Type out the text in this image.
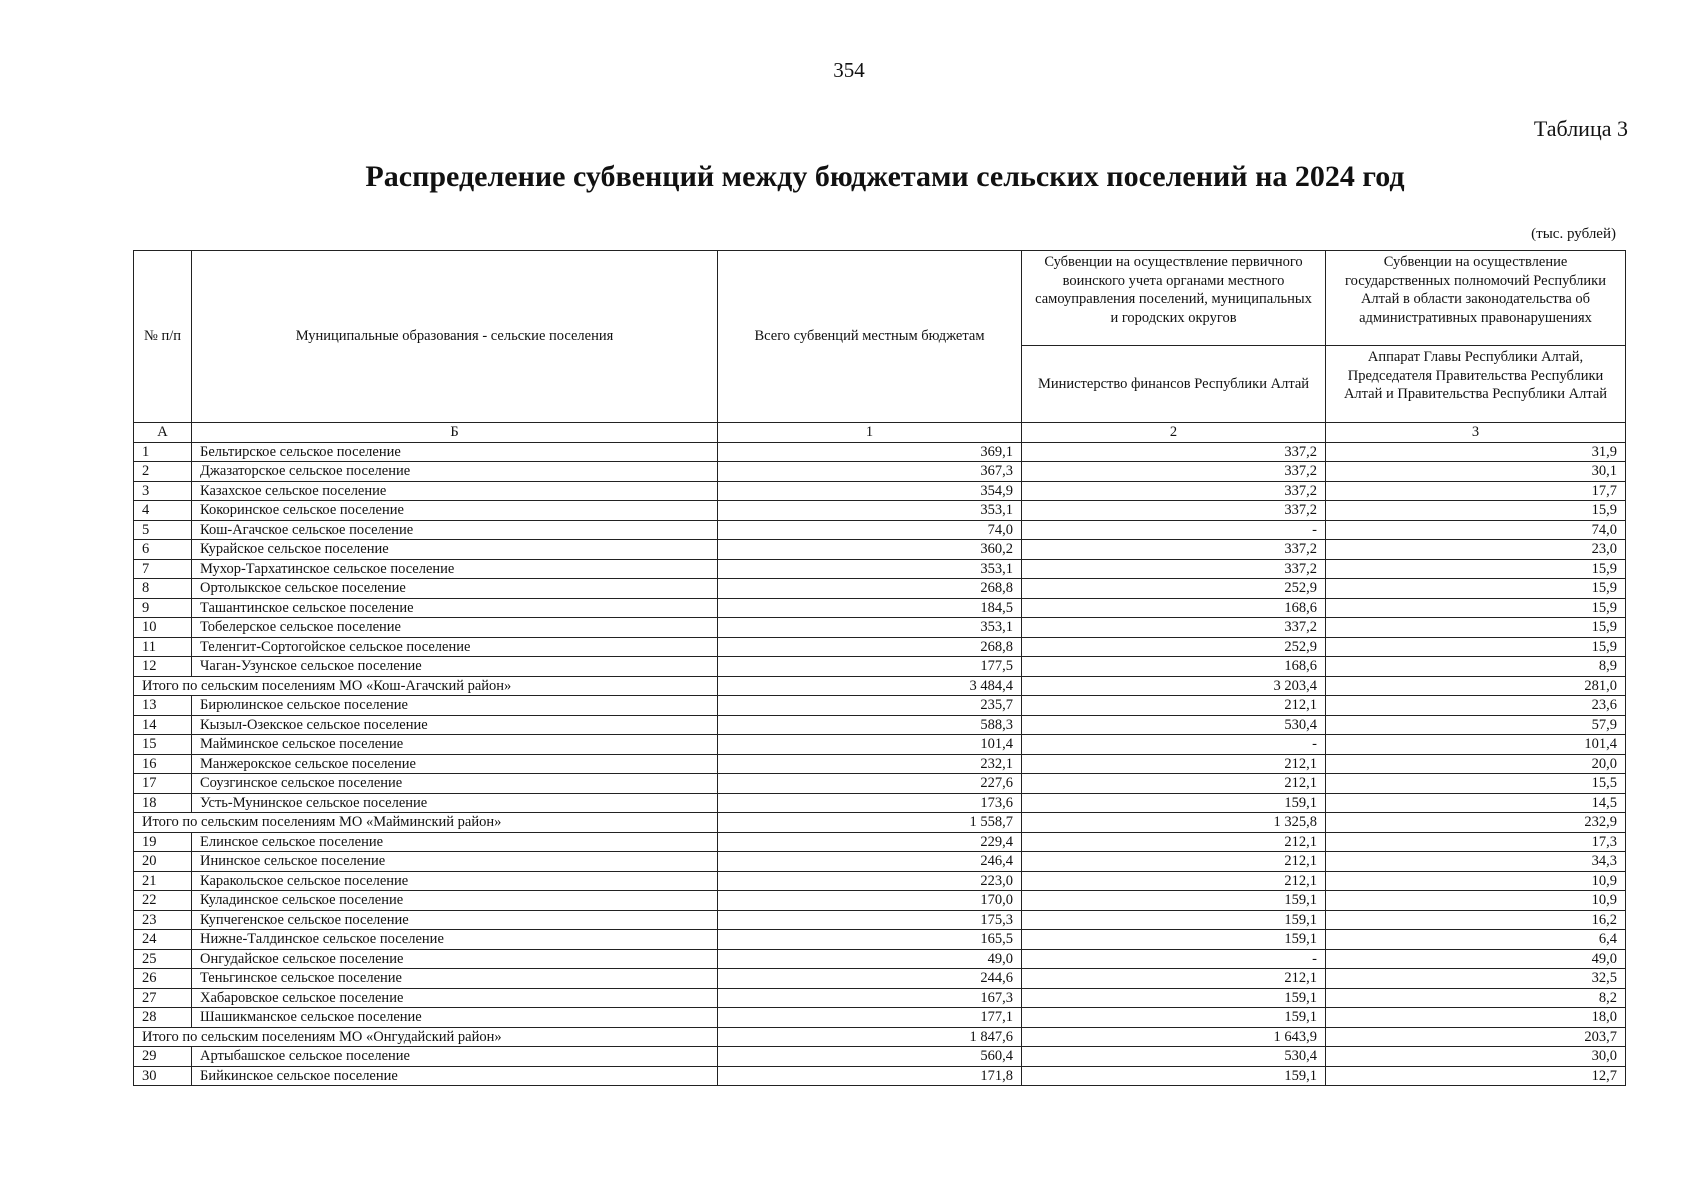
354
Таблица 3
Распределение субвенций между бюджетами сельских поселений на 2024 год
(тыс. рублей)
№ п/п	Муниципальные образования - сельские поселения	Всего субвенций местным бюджетам	Субвенции на осуществление первичного воинского учета органами местного самоуправления поселений, муниципальных и городских округов	Субвенции на осуществление государственных полномочий Республики Алтай в области законодательства об административных правонарушениях
			Министерство финансов Республики Алтай	Аппарат Главы Республики Алтай, Председателя Правительства Республики Алтай и Правительства Республики Алтай
А	Б	1	2	3
1	Бельтирское сельское поселение	369,1	337,2	31,9
2	Джазаторское сельское поселение	367,3	337,2	30,1
3	Казахское сельское поселение	354,9	337,2	17,7
4	Кокоринское сельское поселение	353,1	337,2	15,9
5	Кош-Агачское сельское поселение	74,0	-	74,0
6	Курайское сельское поселение	360,2	337,2	23,0
7	Мухор-Тархатинское сельское поселение	353,1	337,2	15,9
8	Ортолыкское сельское поселение	268,8	252,9	15,9
9	Ташантинское сельское поселение	184,5	168,6	15,9
10	Тобелерское сельское поселение	353,1	337,2	15,9
11	Теленгит-Сортогойское сельское поселение	268,8	252,9	15,9
12	Чаган-Узунское сельское поселение	177,5	168,6	8,9
Итого по сельским поселениям МО «Кош-Агачский район»		3 484,4	3 203,4	281,0
13	Бирюлинское сельское поселение	235,7	212,1	23,6
14	Кызыл-Озекское сельское поселение	588,3	530,4	57,9
15	Майминское сельское поселение	101,4	-	101,4
16	Манжерокское сельское поселение	232,1	212,1	20,0
17	Соузгинское сельское поселение	227,6	212,1	15,5
18	Усть-Мунинское сельское поселение	173,6	159,1	14,5
Итого по сельским поселениям МО «Майминский район»		1 558,7	1 325,8	232,9
19	Елинское сельское поселение	229,4	212,1	17,3
20	Ининское сельское поселение	246,4	212,1	34,3
21	Каракольское сельское поселение	223,0	212,1	10,9
22	Куладинское сельское поселение	170,0	159,1	10,9
23	Купчегенское сельское поселение	175,3	159,1	16,2
24	Нижне-Талдинское сельское поселение	165,5	159,1	6,4
25	Онгудайское сельское поселение	49,0	-	49,0
26	Теньгинское сельское поселение	244,6	212,1	32,5
27	Хабаровское сельское поселение	167,3	159,1	8,2
28	Шашикманское сельское поселение	177,1	159,1	18,0
Итого по сельским поселениям МО «Онгудайский район»		1 847,6	1 643,9	203,7
29	Артыбашское сельское поселение	560,4	530,4	30,0
30	Бийкинское сельское поселение	171,8	159,1	12,7
